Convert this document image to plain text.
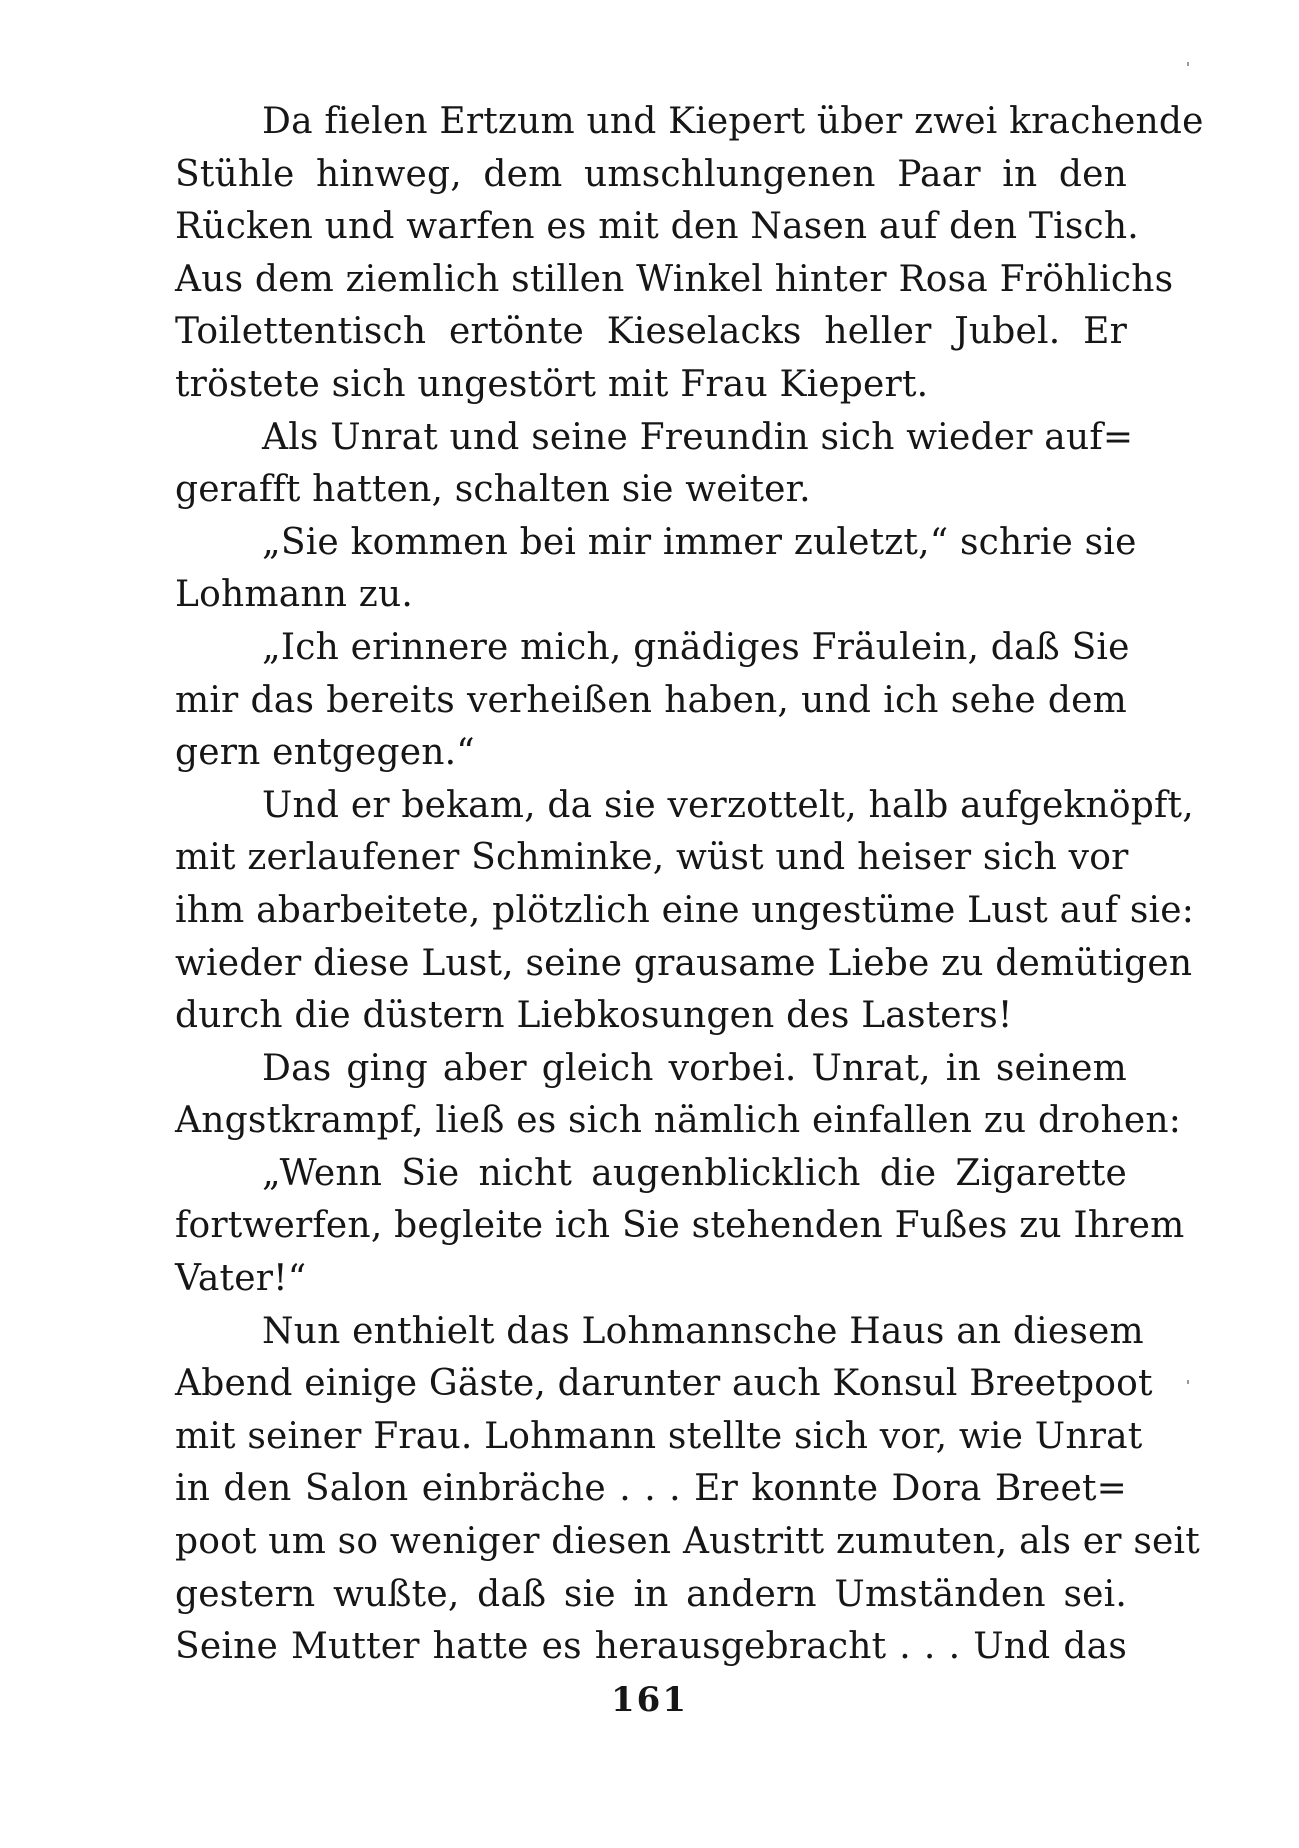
Da fielen Ertzum und Kiepert über zwei krachende
Stühle hinweg, dem umschlungenen Paar in den
Rücken und warfen es mit den Nasen auf den Tisch.
Aus dem ziemlich stillen Winkel hinter Rosa Fröhlichs
Toilettentisch ertönte Kieselacks heller Jubel. Er
tröstete sich ungestört mit Frau Kiepert.
Als Unrat und seine Freundin sich wieder auf=
gerafft hatten, schalten sie weiter.
„Sie kommen bei mir immer zuletzt,“ schrie sie
Lohmann zu.
„Ich erinnere mich, gnädiges Fräulein, daß Sie
mir das bereits verheißen haben, und ich sehe dem
gern entgegen.“
Und er bekam, da sie verzottelt, halb aufgeknöpft,
mit zerlaufener Schminke, wüst und heiser sich vor
ihm abarbeitete, plötzlich eine ungestüme Lust auf sie:
wieder diese Lust, seine grausame Liebe zu demütigen
durch die düstern Liebkosungen des Lasters!
Das ging aber gleich vorbei. Unrat, in seinem
Angstkrampf, ließ es sich nämlich einfallen zu drohen:
„Wenn Sie nicht augenblicklich die Zigarette
fortwerfen, begleite ich Sie stehenden Fußes zu Ihrem
Vater!“
Nun enthielt das Lohmannsche Haus an diesem
Abend einige Gäste, darunter auch Konsul Breetpoot
mit seiner Frau. Lohmann stellte sich vor, wie Unrat
in den Salon einbräche . . . Er konnte Dora Breet=
poot um so weniger diesen Austritt zumuten, als er seit
gestern wußte, daß sie in andern Umständen sei.
Seine Mutter hatte es herausgebracht . . . Und das
161
